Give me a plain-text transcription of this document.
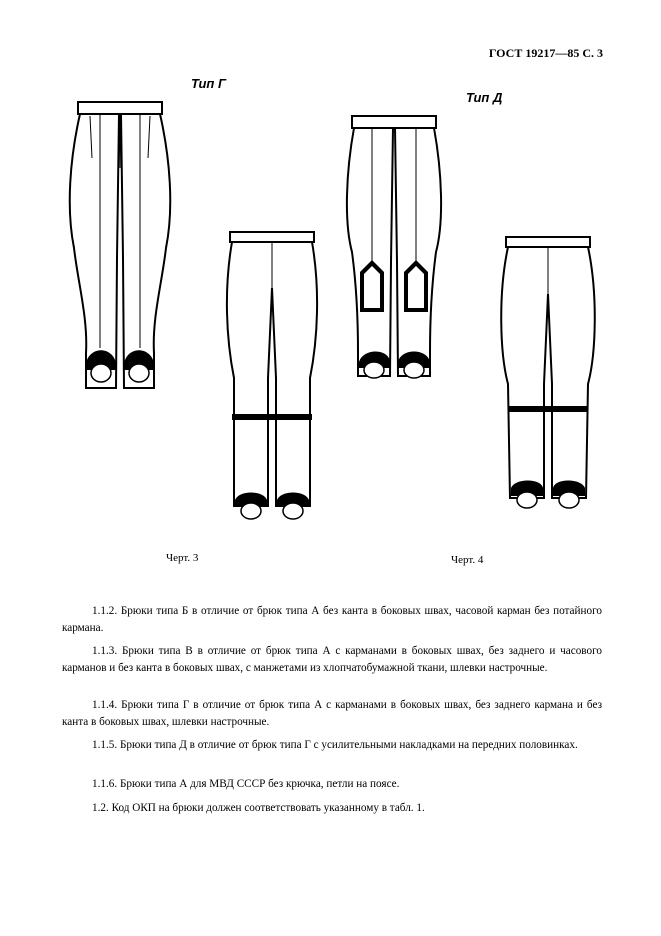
ГОСТ 19217—85 С. 3
Тип Г
Тип Д
Черт. 3	Черт. 4
1.1.2. Брюки типа Б в отличие от брюк типа А без канта в боковых швах, часовой карман без потайного кармана.
1.1.3. Брюки типа В в отличие от брюк типа А с карманами в боковых швах, без заднего и часового карманов и без канта в боковых швах, с манжетами из хлопчатобумажной ткани, шлевки настрочные.
1.1.4. Брюки типа Г в отличие от брюк типа А с карманами в боковых швах, без заднего кармана и без канта в боковых швах, шлевки настрочные.
1.1.5. Брюки типа Д в отличие от брюк типа Г с усилительными накладками на передних половинках.
1.1.6. Брюки типа А для МВД СССР без крючка, петли на поясе.
1.2. Код ОКП на брюки должен соответствовать указанному в табл. 1.
